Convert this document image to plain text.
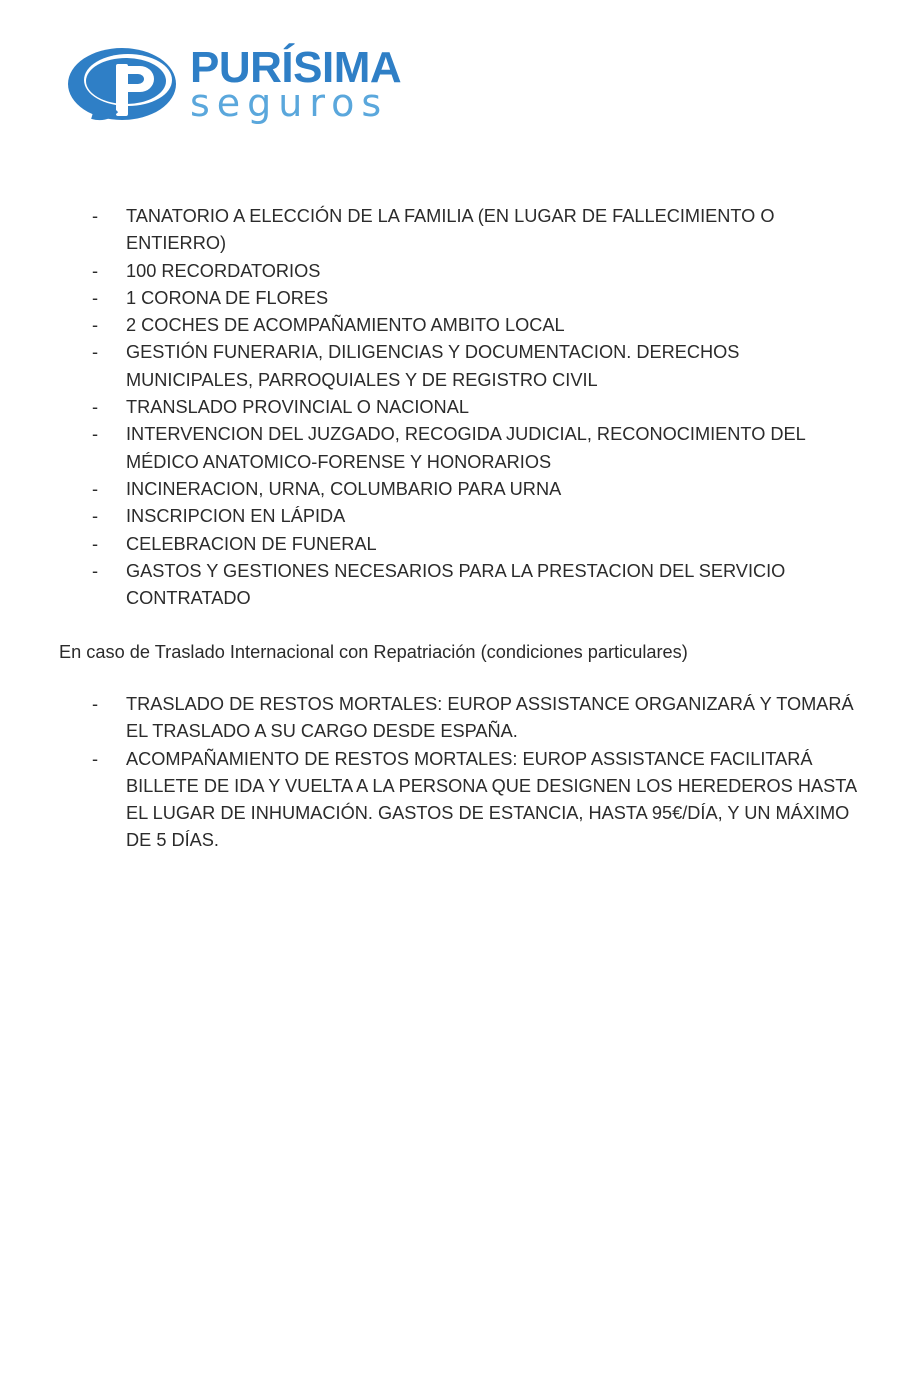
PURÍSIMA
seguros
- TANATORIO A ELECCIÓN DE LA FAMILIA (EN LUGAR DE FALLECIMIENTO O ENTIERRO)
- 100 RECORDATORIOS
- 1 CORONA DE FLORES
- 2 COCHES DE ACOMPAÑAMIENTO AMBITO LOCAL
- GESTIÓN FUNERARIA, DILIGENCIAS Y DOCUMENTACION. DERECHOS MUNICIPALES, PARROQUIALES Y DE REGISTRO CIVIL
- TRANSLADO PROVINCIAL O NACIONAL
- INTERVENCION DEL JUZGADO, RECOGIDA JUDICIAL, RECONOCIMIENTO DEL MÉDICO ANATOMICO-FORENSE Y HONORARIOS
- INCINERACION, URNA, COLUMBARIO PARA URNA
- INSCRIPCION EN LÁPIDA
- CELEBRACION DE FUNERAL
- GASTOS Y GESTIONES NECESARIOS PARA LA PRESTACION DEL SERVICIO CONTRATADO

En caso de Traslado Internacional con Repatriación (condiciones particulares)

- TRASLADO DE RESTOS MORTALES: EUROP ASSISTANCE ORGANIZARÁ Y TOMARÁ EL TRASLADO A SU CARGO DESDE ESPAÑA.
- ACOMPAÑAMIENTO DE RESTOS MORTALES: EUROP ASSISTANCE FACILITARÁ BILLETE DE IDA Y VUELTA A LA PERSONA QUE DESIGNEN LOS HEREDEROS HASTA EL LUGAR DE INHUMACIÓN. GASTOS DE ESTANCIA, HASTA 95€/DÍA, Y UN MÁXIMO DE 5 DÍAS.
